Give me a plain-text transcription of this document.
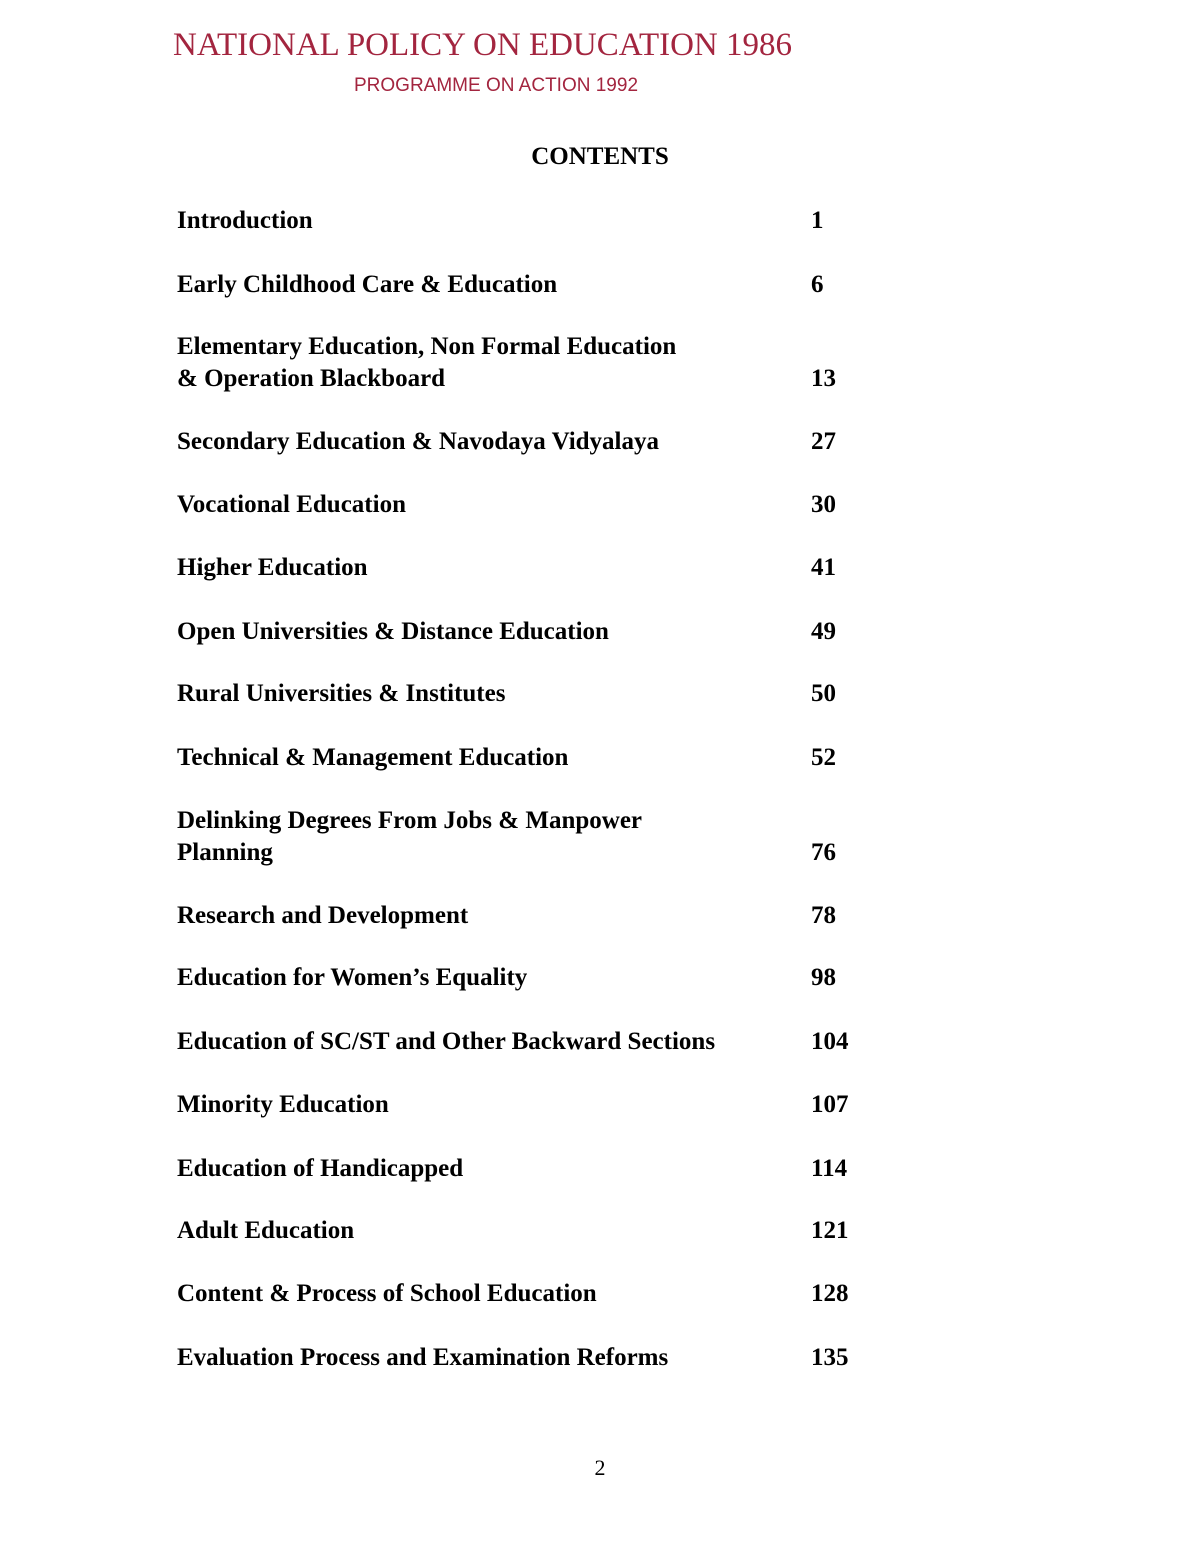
NATIONAL POLICY ON EDUCATION 1986
PROGRAMME ON ACTION 1992
CONTENTS
Introduction	1
Early Childhood Care & Education	6
Elementary Education, Non Formal Education
& Operation Blackboard	13
Secondary Education & Navodaya Vidyalaya	27
Vocational Education	30
Higher Education	41
Open Universities & Distance Education	49
Rural Universities & Institutes	50
Technical & Management Education	52
Delinking Degrees From Jobs & Manpower
Planning	76
Research and Development	78
Education for Women’s Equality	98
Education of SC/ST and Other Backward Sections	104
Minority Education	107
Education of Handicapped	114
Adult Education	121
Content & Process of School Education	128
Evaluation Process and Examination Reforms	135
2
